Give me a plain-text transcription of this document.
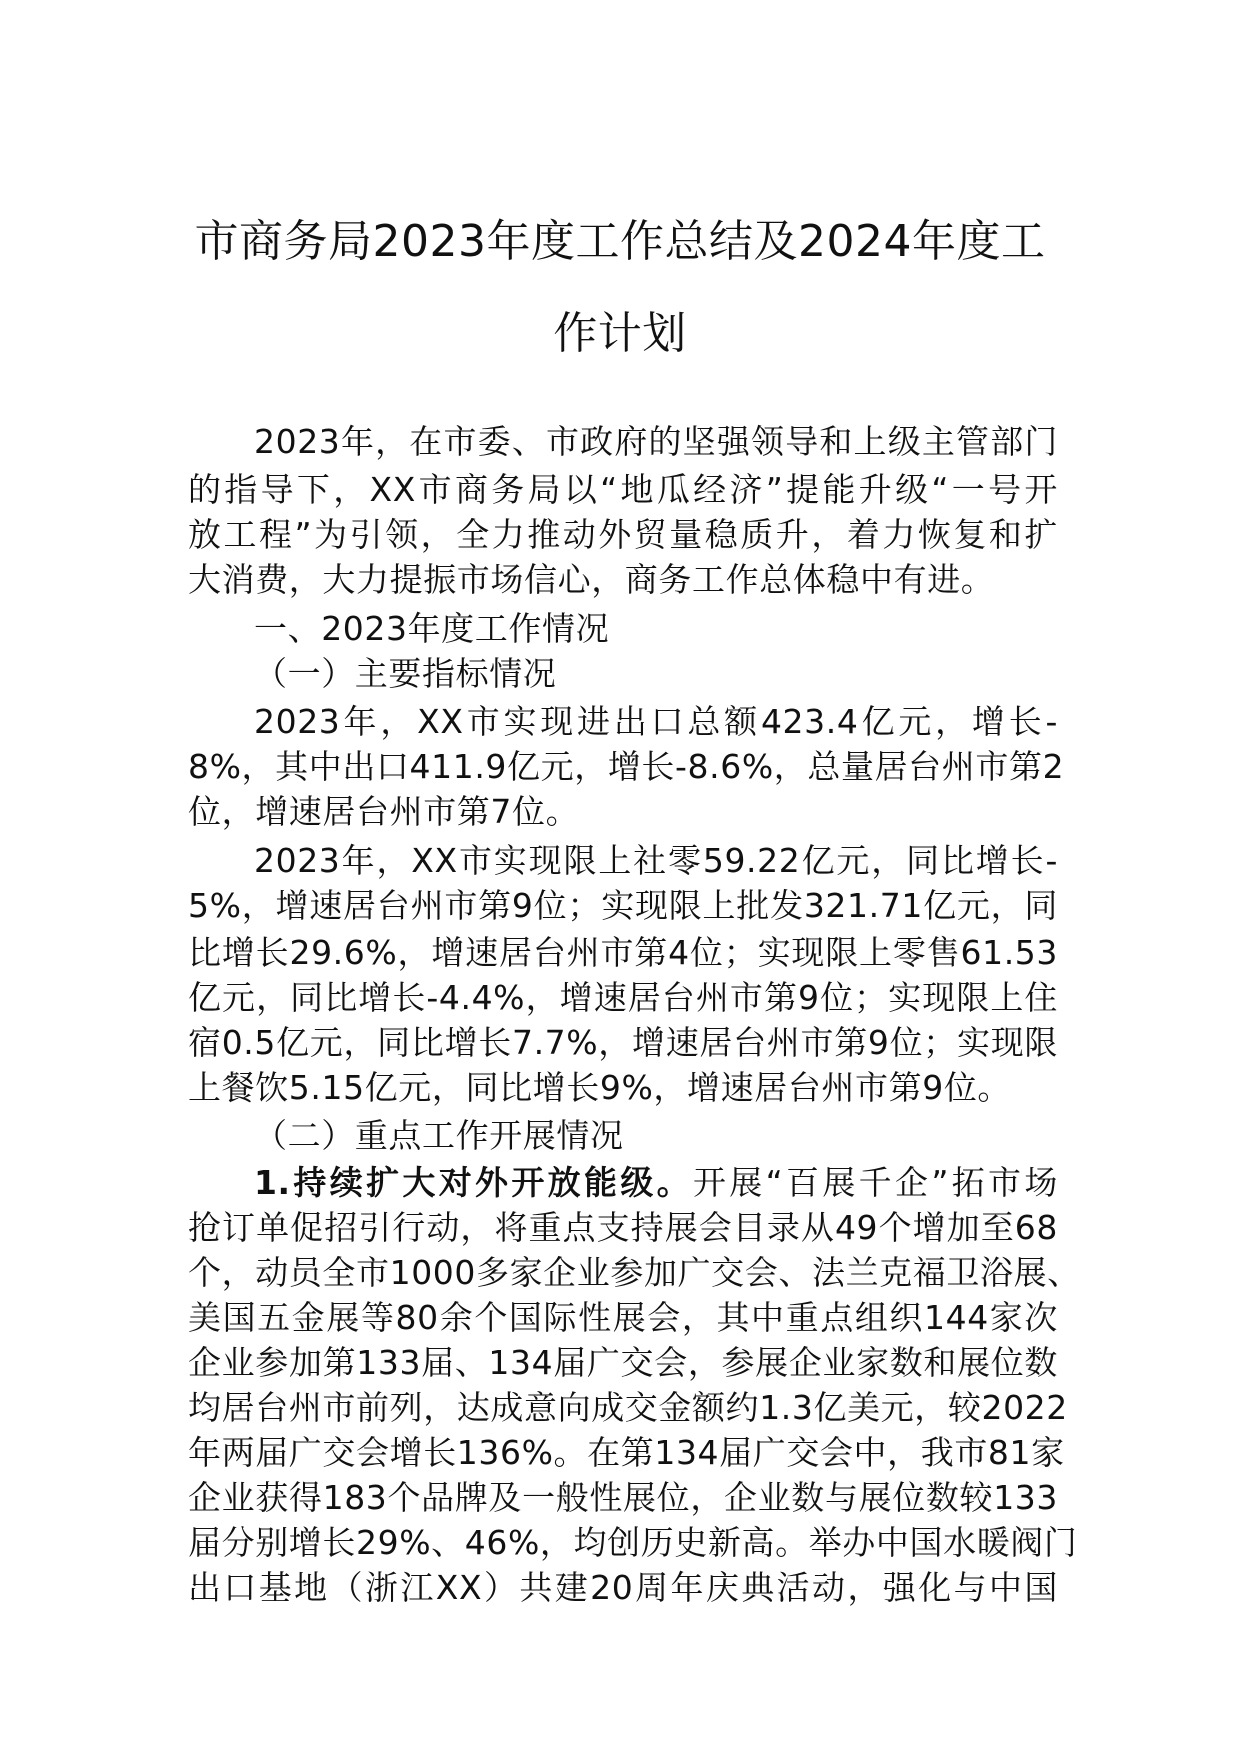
市商务局2023年度工作总结及2024年度工
作计划
2023年，在市委、市政府的坚强领导和上级主管部门
的指导下，XX市商务局以“地瓜经济”提能升级“一号开
放工程”为引领，全力推动外贸量稳质升，着力恢复和扩
大消费，大力提振市场信心，商务工作总体稳中有进。
一、2023年度工作情况
（一）主要指标情况
2023年，XX市实现进出口总额423.4亿元，增长-
8%，其中出口411.9亿元，增长-8.6%，总量居台州市第2
位，增速居台州市第7位。
2023年，XX市实现限上社零59.22亿元，同比增长-
5%，增速居台州市第9位；实现限上批发321.71亿元，同
比增长29.6%，增速居台州市第4位；实现限上零售61.53
亿元，同比增长-4.4%，增速居台州市第9位；实现限上住
宿0.5亿元，同比增长7.7%，增速居台州市第9位；实现限
上餐饮5.15亿元，同比增长9%，增速居台州市第9位。
（二）重点工作开展情况
1.持续扩大对外开放能级。开展“百展千企”拓市场
抢订单促招引行动，将重点支持展会目录从49个增加至68
个，动员全市1000多家企业参加广交会、法兰克福卫浴展、
美国五金展等80余个国际性展会，其中重点组织144家次
企业参加第133届、134届广交会，参展企业家数和展位数
均居台州市前列，达成意向成交金额约1.3亿美元，较2022
年两届广交会增长136%。在第134届广交会中，我市81家
企业获得183个品牌及一般性展位，企业数与展位数较133
届分别增长29%、46%，均创历史新高。举办中国水暖阀门
出口基地（浙江XX）共建20周年庆典活动，强化与中国
